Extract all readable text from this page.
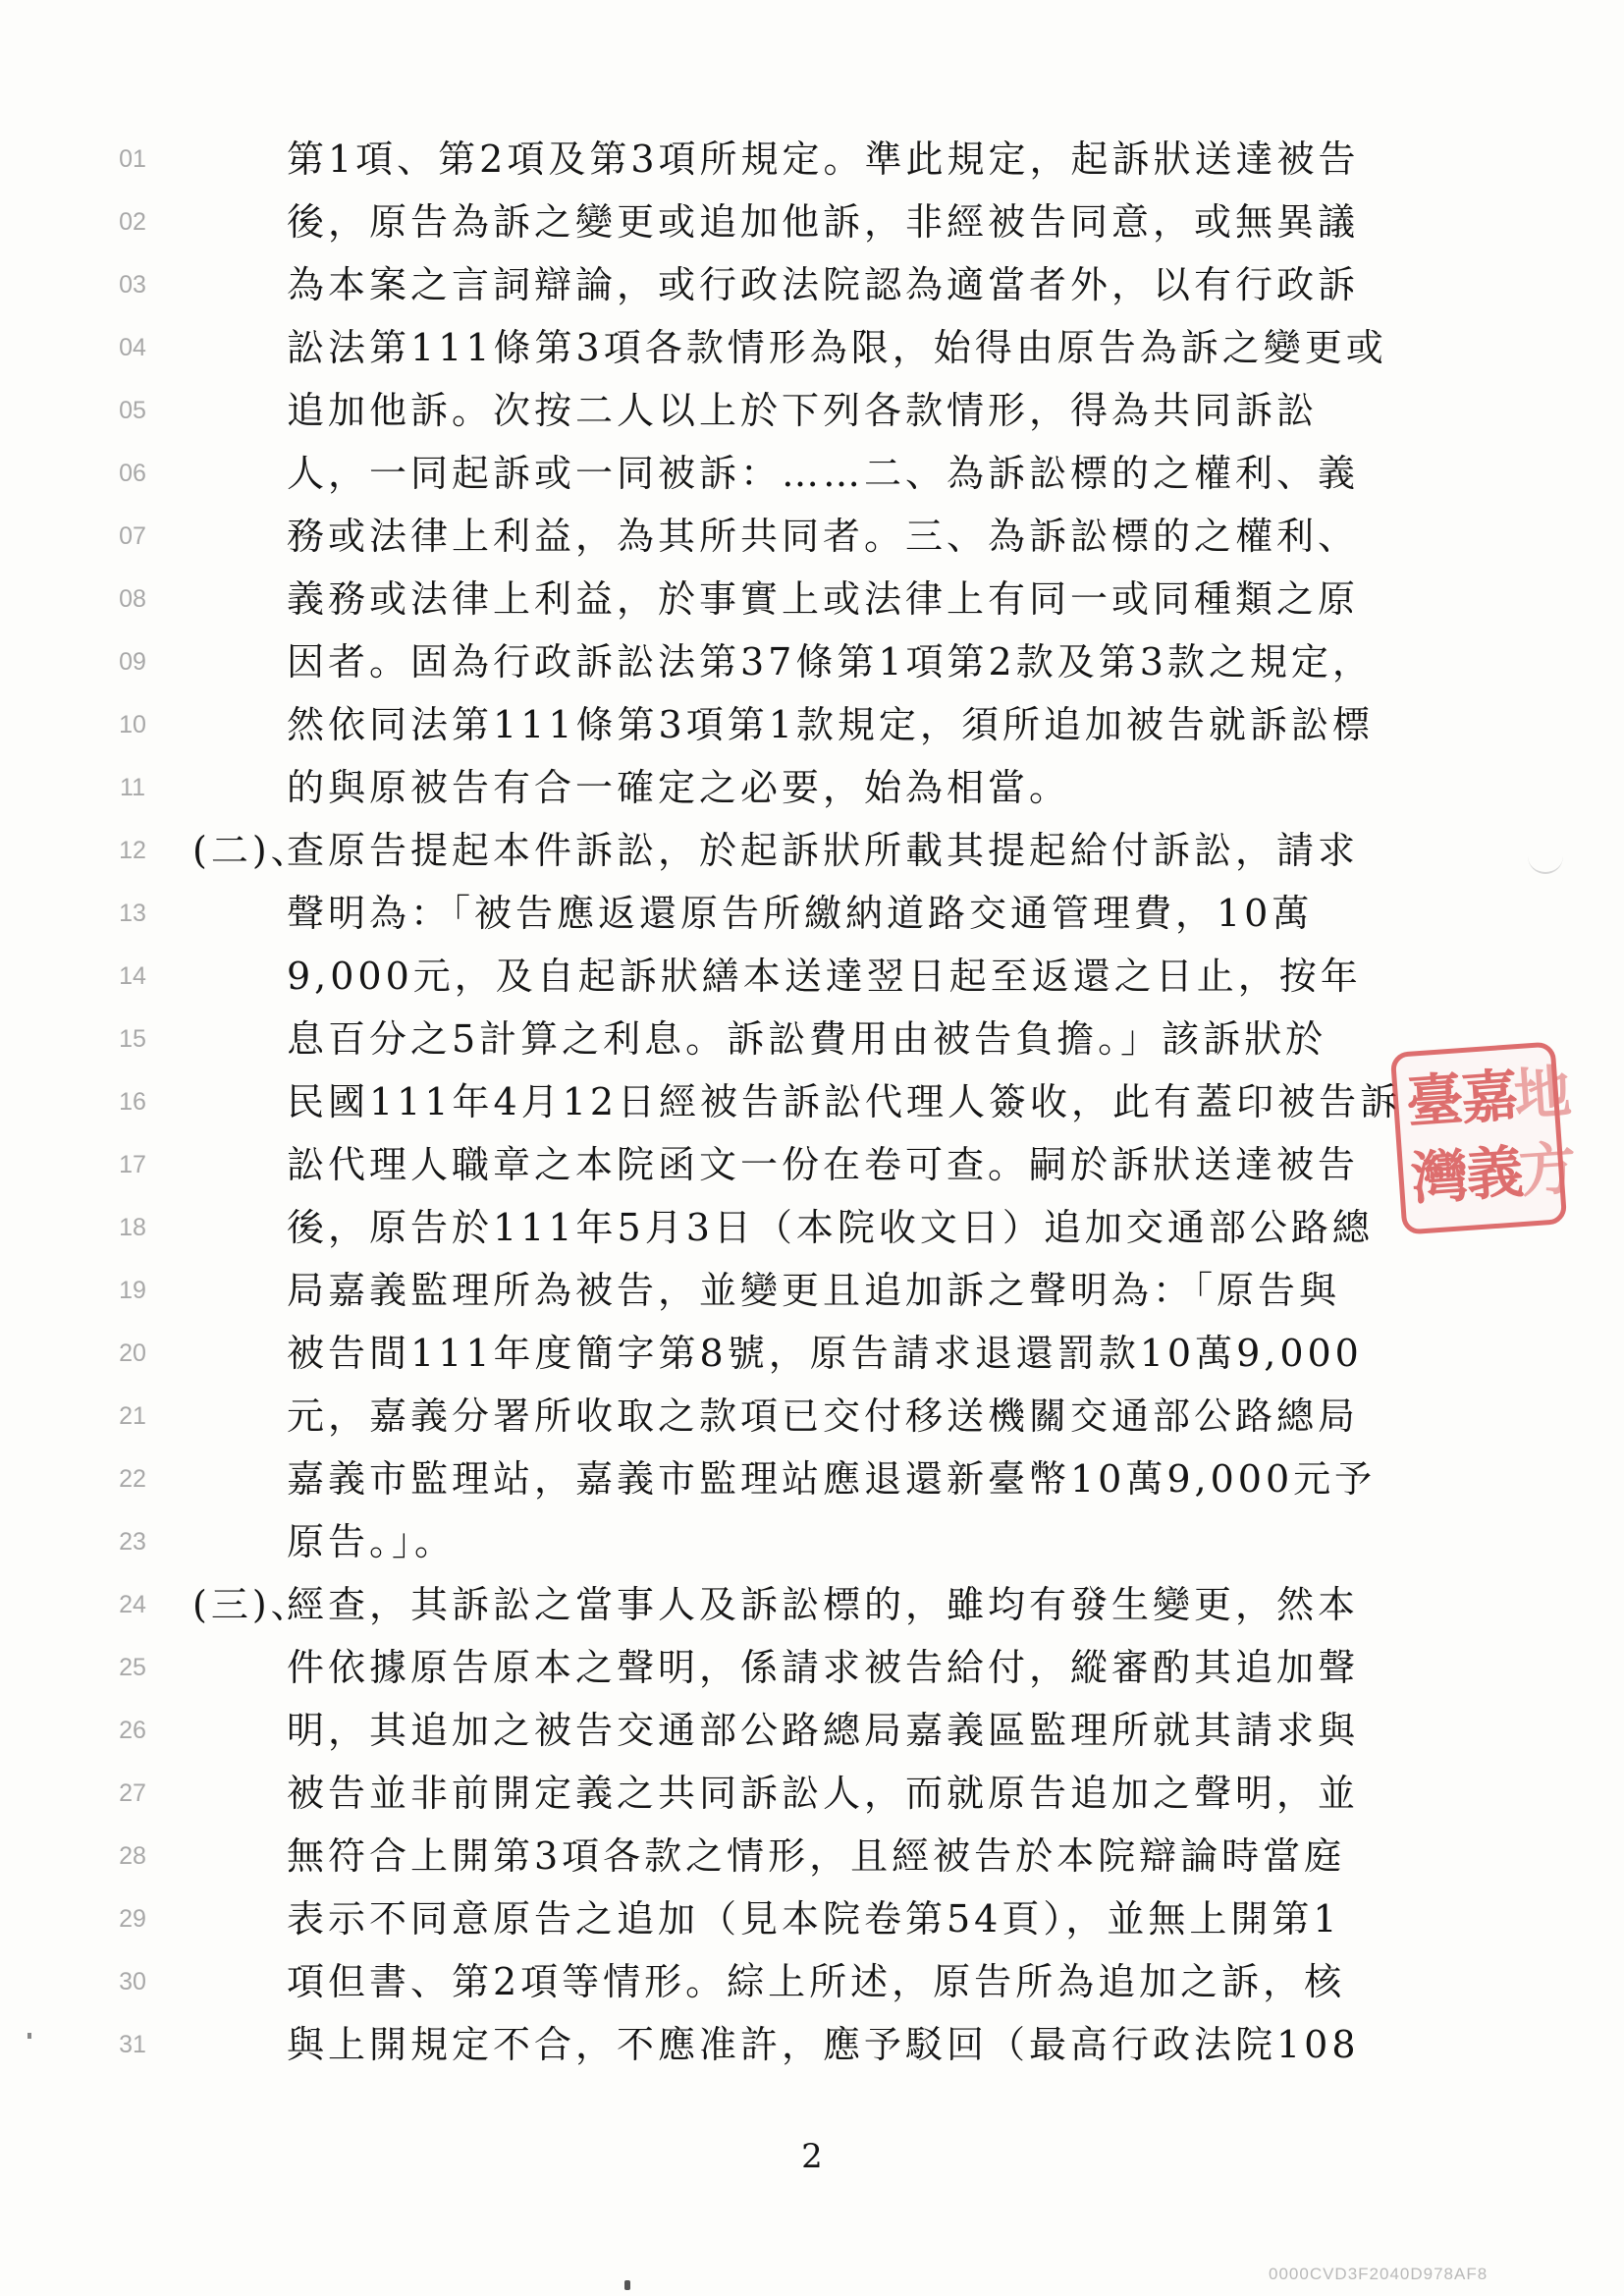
01
02
03
04
05
06
07
08
09
10
11
12
13
14
15
16
17
18
19
20
21
22
23
24
25
26
27
28
29
30
31
第1項、第2項及第3項所規定。準此規定，起訴狀送達被告
後，原告為訴之變更或追加他訴，非經被告同意，或無異議
為本案之言詞辯論，或行政法院認為適當者外，以有行政訴
訟法第111條第3項各款情形為限，始得由原告為訴之變更或
追加他訴。次按二人以上於下列各款情形，得為共同訴訟
人，一同起訴或一同被訴：……二、為訴訟標的之權利、義
務或法律上利益，為其所共同者。三、為訴訟標的之權利、
義務或法律上利益，於事實上或法律上有同一或同種類之原
因者。固為行政訴訟法第37條第1項第2款及第3款之規定，
然依同法第111條第3項第1款規定，須所追加被告就訴訟標
的與原被告有合一確定之必要，始為相當。
(二)、
查原告提起本件訴訟，於起訴狀所載其提起給付訴訟，請求
聲明為：「被告應返還原告所繳納道路交通管理費，10萬
9,000元，及自起訴狀繕本送達翌日起至返還之日止，按年
息百分之5計算之利息。訴訟費用由被告負擔。」該訴狀於
民國111年4月12日經被告訴訟代理人簽收，此有蓋印被告訴
訟代理人職章之本院函文一份在卷可查。嗣於訴狀送達被告
後，原告於111年5月3日（本院收文日）追加交通部公路總
局嘉義監理所為被告，並變更且追加訴之聲明為：「原告與
被告間111年度簡字第8號，原告請求退還罰款10萬9,000
元，嘉義分署所收取之款項已交付移送機關交通部公路總局
嘉義市監理站，嘉義市監理站應退還新臺幣10萬9,000元予
原告。」。
(三)、
經查，其訴訟之當事人及訴訟標的，雖均有發生變更，然本
件依據原告原本之聲明，係請求被告給付，縱審酌其追加聲
明，其追加之被告交通部公路總局嘉義區監理所就其請求與
被告並非前開定義之共同訴訟人，而就原告追加之聲明，並
無符合上開第3項各款之情形，且經被告於本院辯論時當庭
表示不同意原告之追加（見本院卷第54頁），並無上開第1
項但書、第2項等情形。綜上所述，原告所為追加之訴，核
與上開規定不合，不應准許，應予駁回（最高行政法院108
臺
灣
嘉
義
地
方
2
0000CVD3F2040D978AF8
